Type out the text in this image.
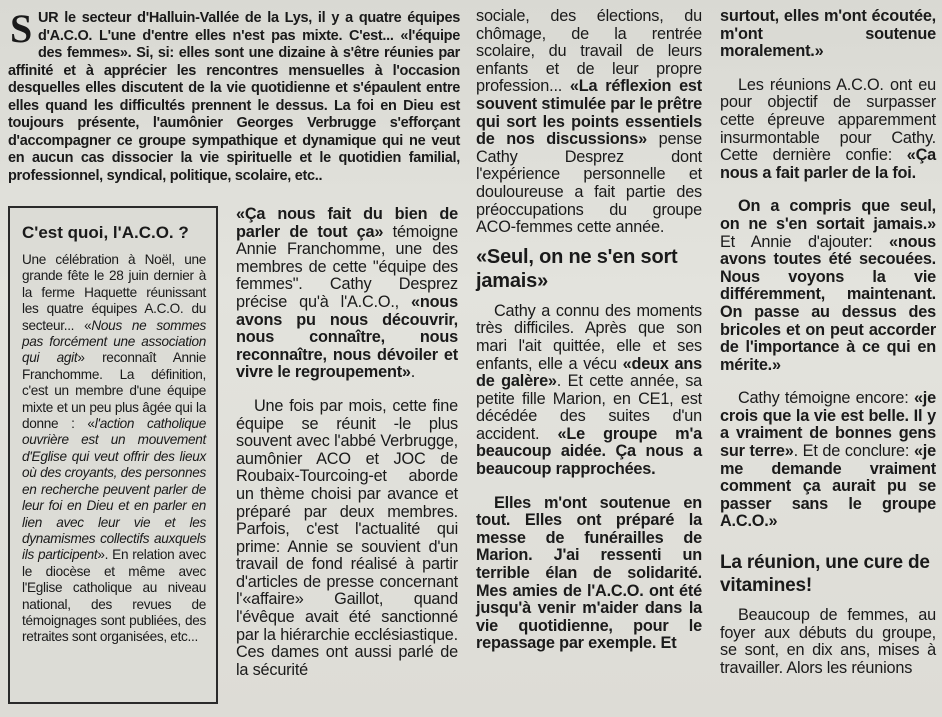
SUR le secteur d'Halluin-Vallée de la Lys, il y a quatre équipes d'A.C.O. L'une d'entre elles n'est pas mixte. C'est... «l'équipe des femmes». Si, si: elles sont une dizaine à s'être réunies par affinité et à apprécier les rencontres mensuelles à l'occasion desquelles elles discutent de la vie quotidienne et s'épaulent entre elles quand les difficultés prennent le dessus. La foi en Dieu est toujours présente, l'aumônier Georges Verbrugge s'efforçant d'accompagner ce groupe sympathique et dynamique qui ne veut en aucun cas dissocier la vie spirituelle et le quotidien familial, professionnel, syndical, politique, scolaire, etc..
C'est quoi, l'A.C.O. ?

Une célébration à Noël, une grande fête le 28 juin dernier à la ferme Haquette réunissant les quatre équipes A.C.O. du secteur... «Nous ne sommes pas forcément une association qui agit» reconnaît Annie Franchomme. La définition, c'est un membre d'une équipe mixte et un peu plus âgée qui la donne : «l'action catholique ouvrière est un mouvement d'Eglise qui veut offrir des lieux où des croyants, des personnes en recherche peuvent parler de leur foi en Dieu et en parler en lien avec leur vie et les dynamismes collectifs auxquels ils participent». En relation avec le diocèse et même avec l'Eglise catholique au niveau national, des revues de témoignages sont publiées, des retraites sont organisées, etc...

«Ça nous fait du bien de parler de tout ça» témoigne Annie Franchomme, une des membres de cette "équipe des femmes". Cathy Desprez précise qu'à l'A.C.O., «nous avons pu nous découvrir, nous connaître, nous reconnaître, nous dévoiler et vivre le regroupement».

Une fois par mois, cette fine équipe se réunit -le plus souvent avec l'abbé Verbrugge, aumônier ACO et JOC de Roubaix-Tourcoing-et aborde un thème choisi par avance et préparé par deux membres. Parfois, c'est l'actualité qui prime: Annie se souvient d'un travail de fond réalisé à partir d'articles de presse concernant l'«affaire» Gaillot, quand l'évêque avait été sanctionné par la hiérarchie ecclésiastique. Ces dames ont aussi parlé de la sécurité

sociale, des élections, du chômage, de la rentrée scolaire, du travail de leurs enfants et de leur propre profession... «La réflexion est souvent stimulée par le prêtre qui sort les points essentiels de nos discussions» pense Cathy Desprez dont l'expérience personnelle et douloureuse a fait partie des préoccupations du groupe ACO-femmes cette année.

«Seul, on ne s'en sort jamais»

Cathy a connu des moments très difficiles. Après que son mari l'ait quittée, elle et ses enfants, elle a vécu «deux ans de galère». Et cette année, sa petite fille Marion, en CE1, est décédée des suites d'un accident. «Le groupe m'a beaucoup aidée. Ça nous a beaucoup rapprochées.

Elles m'ont soutenue en tout. Elles ont préparé la messe de funérailles de Marion. J'ai ressenti un terrible élan de solidarité. Mes amies de l'A.C.O. ont été jusqu'à venir m'aider dans la vie quotidienne, pour le repassage par exemple. Et

surtout, elles m'ont écoutée, m'ont soutenue moralement.»

Les réunions A.C.O. ont eu pour objectif de surpasser cette épreuve apparemment insurmontable pour Cathy. Cette dernière confie: «Ça nous a fait parler de la foi.

On a compris que seul, on ne s'en sortait jamais.» Et Annie d'ajouter: «nous avons toutes été secouées. Nous voyons la vie différemment, maintenant. On passe au dessus des bricoles et on peut accorder de l'importance à ce qui en mérite.»

Cathy témoigne encore: «je crois que la vie est belle. Il y a vraiment de bonnes gens sur terre». Et de conclure: «je me demande vraiment comment ça aurait pu se passer sans le groupe A.C.O.»

La réunion, une cure de vitamines!

Beaucoup de femmes, au foyer aux débuts du groupe, se sont, en dix ans, mises à travailler. Alors les réunions
